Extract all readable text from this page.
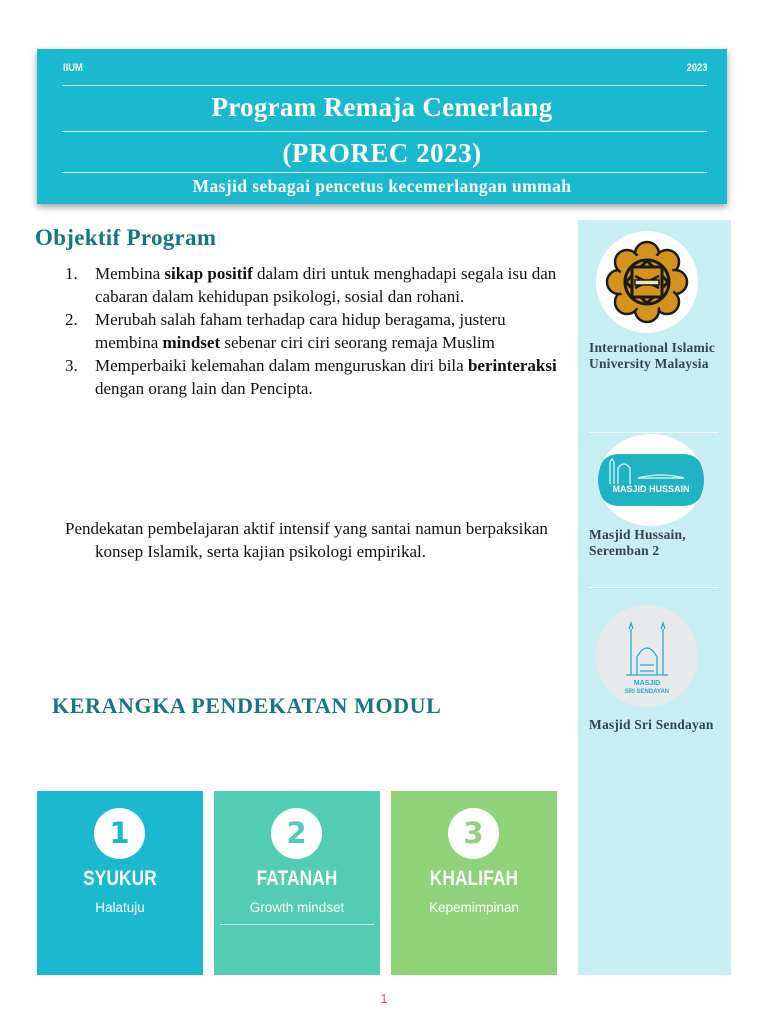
IIUM	2023
Program Remaja Cemerlang
(PROREC 2023)
Masjid sebagai pencetus kecemerlangan ummah
Objektif Program
1. Membina sikap positif dalam diri untuk menghadapi segala isu dan cabaran dalam kehidupan psikologi, sosial dan rohani.
2. Merubah salah faham terhadap cara hidup beragama, justeru membina mindset sebenar ciri ciri seorang remaja Muslim
3. Memperbaiki kelemahan dalam menguruskan diri bila berinteraksi dengan orang lain dan Pencipta.
Pendekatan pembelajaran aktif intensif yang santai namun berpaksikan konsep Islamik, serta kajian psikologi empirikal.
KERANGKA PENDEKATAN MODUL
1
SYUKUR
Halatuju
2
FATANAH
Growth mindset
3
KHALIFAH
Kepemimpinan
International Islamic University Malaysia
MASJID HUSSAIN
Masjid Hussain, Seremban 2
MASJID
SRI SENDAYAN
Masjid Sri Sendayan
1
